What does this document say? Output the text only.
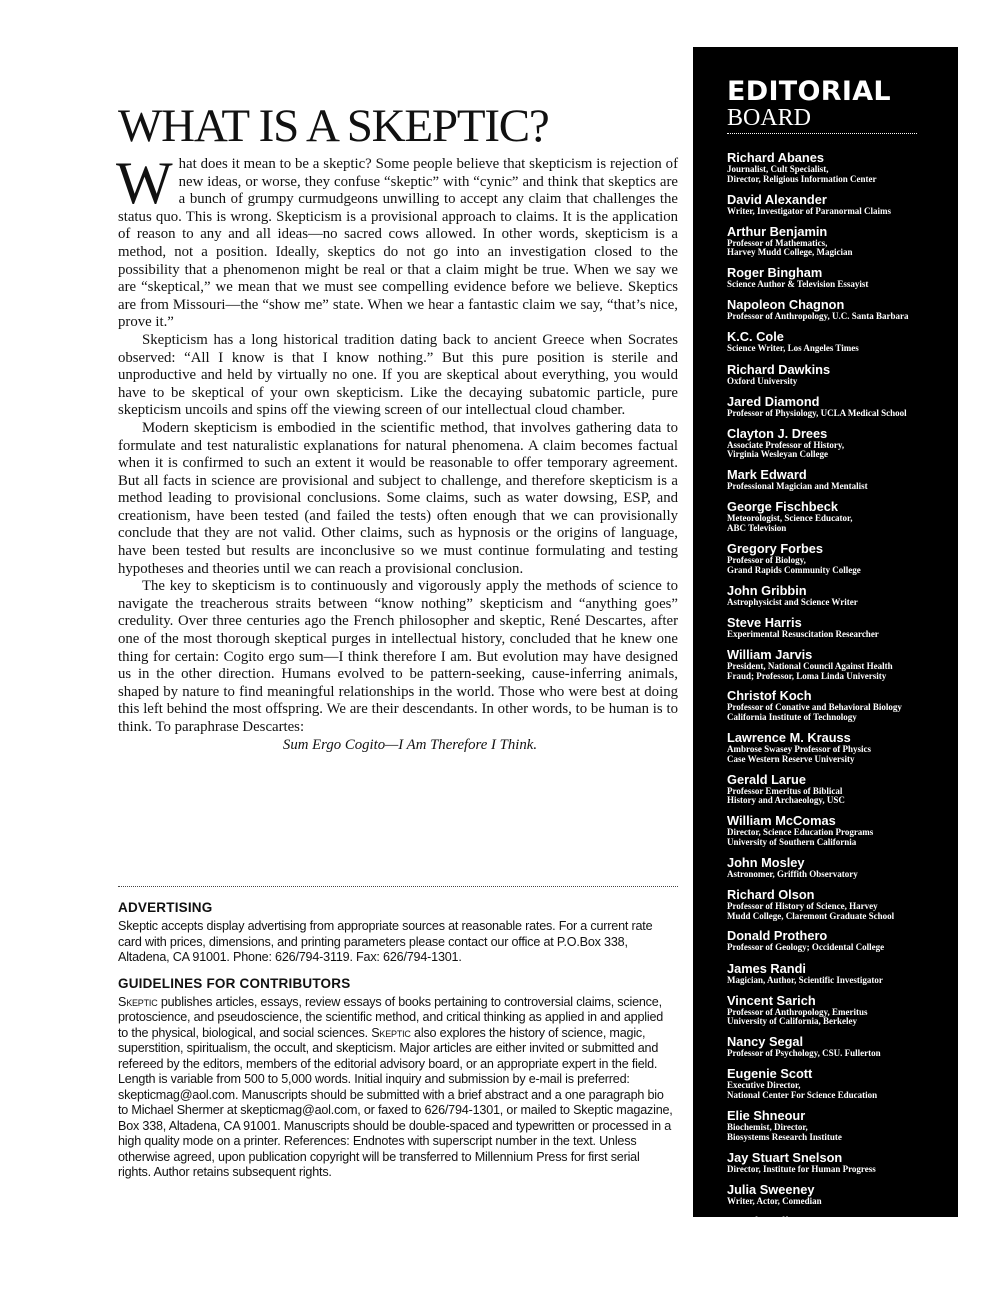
WHAT IS A SKEPTIC?

What does it mean to be a skeptic? Some people believe that skepticism is rejection of new ideas, or worse, they confuse “skeptic” with “cynic” and think that skeptics are a bunch of grumpy curmudgeons unwilling to accept any claim that challenges the status quo. This is wrong. Skepticism is a provisional approach to claims. It is the application of reason to any and all ideas—no sacred cows allowed. In other words, skepticism is a method, not a position. Ideally, skeptics do not go into an investigation closed to the possibility that a phenomenon might be real or that a claim might be true. When we say we are “skeptical,” we mean that we must see compelling evidence before we believe. Skeptics are from Missouri—the “show me” state. When we hear a fantastic claim we say, “that’s nice, prove it.”

Skepticism has a long historical tradition dating back to ancient Greece when Socrates observed: “All I know is that I know nothing.” But this pure position is sterile and unproductive and held by virtually no one. If you are skeptical about everything, you would have to be skeptical of your own skepticism. Like the decaying subatomic particle, pure skepticism uncoils and spins off the viewing screen of our intellectual cloud chamber.

Modern skepticism is embodied in the scientific method, that involves gathering data to formulate and test naturalistic explanations for natural phenomena. A claim becomes factual when it is confirmed to such an extent it would be reasonable to offer temporary agreement. But all facts in science are provisional and subject to challenge, and therefore skepticism is a method leading to provisional conclusions. Some claims, such as water dowsing, ESP, and creationism, have been tested (and failed the tests) often enough that we can provisionally conclude that they are not valid. Other claims, such as hypnosis or the origins of language, have been tested but results are inconclusive so we must continue formulating and testing hypotheses and theories until we can reach a provisional conclusion.

The key to skepticism is to continuously and vigorously apply the methods of science to navigate the treacherous straits between “know nothing” skepticism and “anything goes” credulity. Over three centuries ago the French philosopher and skeptic, René Descartes, after one of the most thorough skeptical purges in intellectual history, concluded that he knew one thing for certain: Cogito ergo sum—I think therefore I am. But evolution may have designed us in the other direction. Humans evolved to be pattern-seeking, cause-inferring animals, shaped by nature to find meaningful relationships in the world. Those who were best at doing this left behind the most offspring. We are their descendants. In other words, to be human is to think. To paraphrase Descartes:

Sum Ergo Cogito—I Am Therefore I Think.

ADVERTISING

Skeptic accepts display advertising from appropriate sources at reasonable rates. For a current rate card with prices, dimensions, and printing parameters please contact our office at P.O.Box 338, Altadena, CA 91001. Phone: 626/794-3119. Fax: 626/794-1301.

GUIDELINES FOR CONTRIBUTORS

Skeptic publishes articles, essays, review essays of books pertaining to controversial claims, science, protoscience, and pseudoscience, the scientific method, and critical thinking as applied in and applied to the physical, biological, and social sciences. Skeptic also explores the history of science, magic, superstition, spiritualism, the occult, and skepticism. Major articles are either invited or submitted and refereed by the editors, members of the editorial advisory board, or an appropriate expert in the field. Length is variable from 500 to 5,000 words. Initial inquiry and submission by e-mail is preferred: skepticmag@aol.com. Manuscripts should be submitted with a brief abstract and a one paragraph bio to Michael Shermer at skepticmag@aol.com, or faxed to 626/794-1301, or mailed to Skeptic magazine, Box 338, Altadena, CA 91001. Manuscripts should be double-spaced and typewritten or processed in a high quality mode on a printer. References: Endnotes with superscript number in the text. Unless otherwise agreed, upon publication copyright will be transferred to Millennium Press for first serial rights. Author retains subsequent rights.

EDITORIAL
BOARD
Richard Abanes
Journalist, Cult Specialist,
Director, Religious Information Center
David Alexander
Writer, Investigator of Paranormal Claims
Arthur Benjamin
Professor of Mathematics,
Harvey Mudd College, Magician
Roger Bingham
Science Author & Television Essayist
Napoleon Chagnon
Professor of Anthropology, U.C. Santa Barbara
K.C. Cole
Science Writer, Los Angeles Times
Richard Dawkins
Oxford University
Jared Diamond
Professor of Physiology, UCLA Medical School
Clayton J. Drees
Associate Professor of History,
Virginia Wesleyan College
Mark Edward
Professional Magician and Mentalist
George Fischbeck
Meteorologist, Science Educator,
ABC Television
Gregory Forbes
Professor of Biology,
Grand Rapids Community College
John Gribbin
Astrophysicist and Science Writer
Steve Harris
Experimental Resuscitation Researcher
William Jarvis
President, National Council Against Health
Fraud; Professor, Loma Linda University
Christof Koch
Professor of Conative and Behavioral Biology
California Institute of Technology
Lawrence M. Krauss
Ambrose Swasey Professor of Physics
Case Western Reserve University
Gerald Larue
Professor Emeritus of Biblical
History and Archaeology, USC
William McComas
Director, Science Education Programs
University of Southern California
John Mosley
Astronomer, Griffith Observatory
Richard Olson
Professor of History of Science, Harvey
Mudd College, Claremont Graduate School
Donald Prothero
Professor of Geology; Occidental College
James Randi
Magician, Author, Scientific Investigator
Vincent Sarich
Professor of Anthropology, Emeritus
University of California, Berkeley
Nancy Segal
Professor of Psychology, CSU. Fullerton
Eugenie Scott
Executive Director,
National Center For Science Education
Elie Shneour
Biochemist, Director,
Biosystems Research Institute
Jay Stuart Snelson
Director, Institute for Human Progress
Julia Sweeney
Writer, Actor, Comedian
Frank Sulloway
Research Scholar, U.C. Berkeley
Carol Tavris
Social Psychologist/Author
Stuart Vyse
Professor of Psychology, Connecticut College
